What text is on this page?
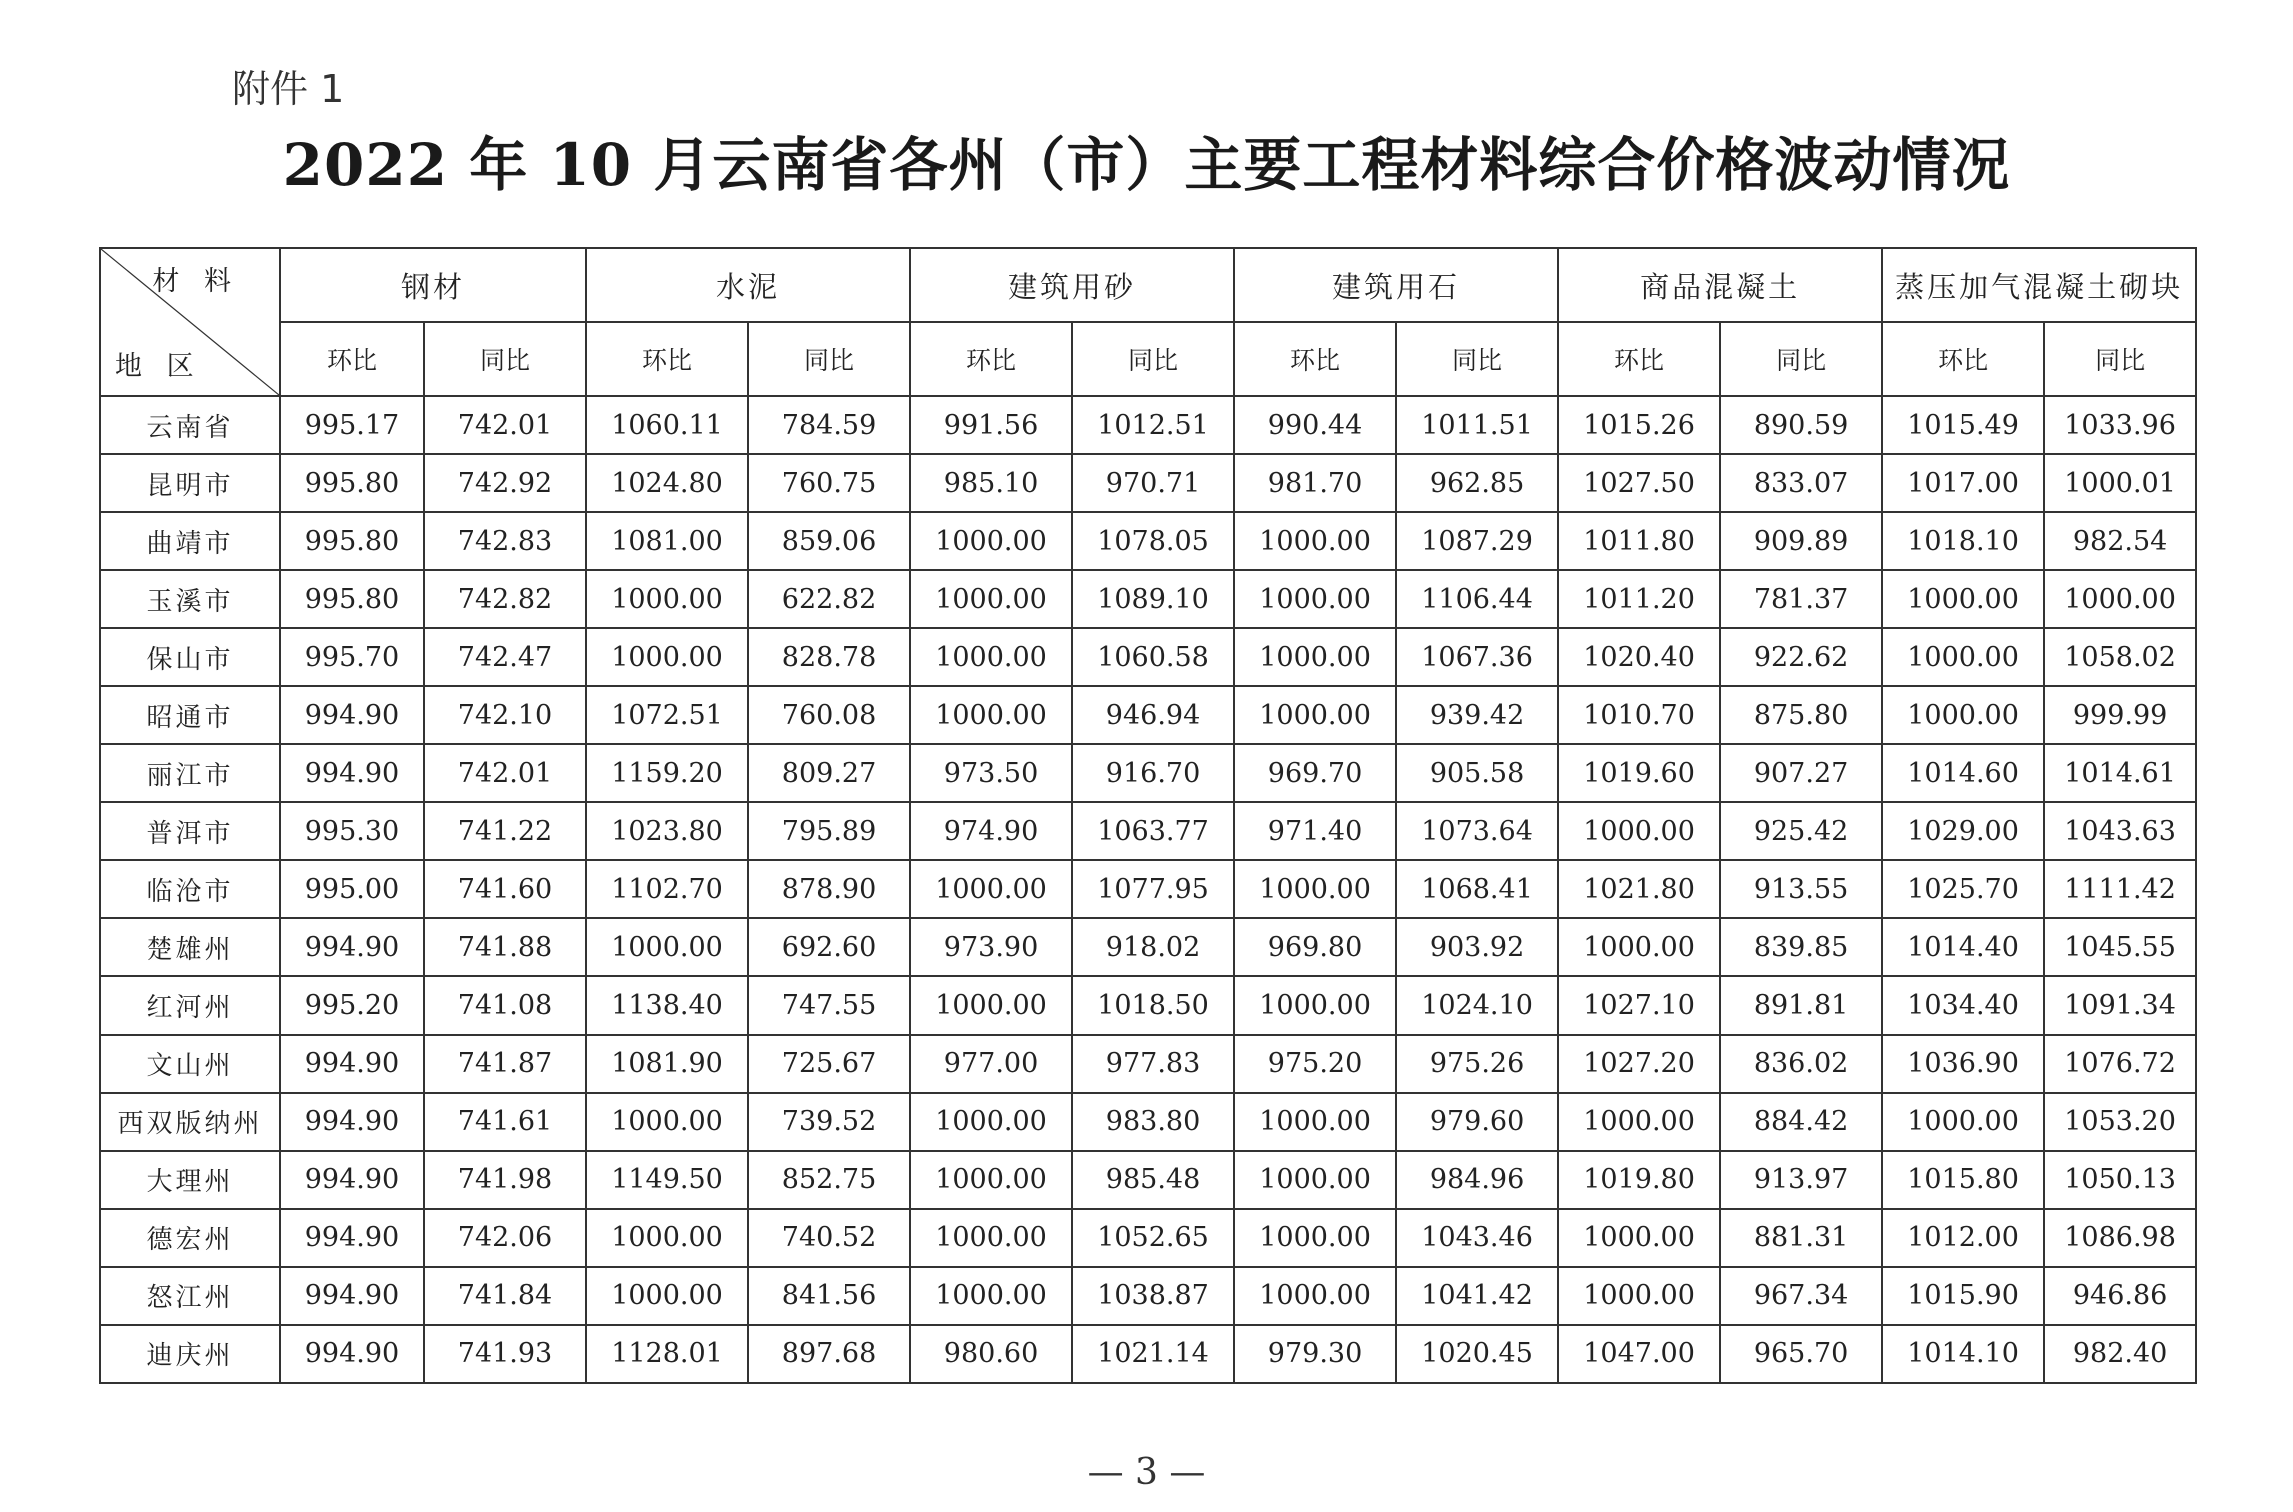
附件 1
2022 年 10 月云南省各州（市）主要工程材料综合价格波动情况
材 料
地 区	钢材		水泥		建筑用砂		建筑用石		商品混凝土		蒸压加气混凝土砌块	
	环比	同比	环比	同比	环比	同比	环比	同比	环比	同比	环比	同比
云南省	995.17	742.01	1060.11	784.59	991.56	1012.51	990.44	1011.51	1015.26	890.59	1015.49	1033.96
昆明市	995.80	742.92	1024.80	760.75	985.10	970.71	981.70	962.85	1027.50	833.07	1017.00	1000.01
曲靖市	995.80	742.83	1081.00	859.06	1000.00	1078.05	1000.00	1087.29	1011.80	909.89	1018.10	982.54
玉溪市	995.80	742.82	1000.00	622.82	1000.00	1089.10	1000.00	1106.44	1011.20	781.37	1000.00	1000.00
保山市	995.70	742.47	1000.00	828.78	1000.00	1060.58	1000.00	1067.36	1020.40	922.62	1000.00	1058.02
昭通市	994.90	742.10	1072.51	760.08	1000.00	946.94	1000.00	939.42	1010.70	875.80	1000.00	999.99
丽江市	994.90	742.01	1159.20	809.27	973.50	916.70	969.70	905.58	1019.60	907.27	1014.60	1014.61
普洱市	995.30	741.22	1023.80	795.89	974.90	1063.77	971.40	1073.64	1000.00	925.42	1029.00	1043.63
临沧市	995.00	741.60	1102.70	878.90	1000.00	1077.95	1000.00	1068.41	1021.80	913.55	1025.70	1111.42
楚雄州	994.90	741.88	1000.00	692.60	973.90	918.02	969.80	903.92	1000.00	839.85	1014.40	1045.55
红河州	995.20	741.08	1138.40	747.55	1000.00	1018.50	1000.00	1024.10	1027.10	891.81	1034.40	1091.34
文山州	994.90	741.87	1081.90	725.67	977.00	977.83	975.20	975.26	1027.20	836.02	1036.90	1076.72
西双版纳州	994.90	741.61	1000.00	739.52	1000.00	983.80	1000.00	979.60	1000.00	884.42	1000.00	1053.20
大理州	994.90	741.98	1149.50	852.75	1000.00	985.48	1000.00	984.96	1019.80	913.97	1015.80	1050.13
德宏州	994.90	742.06	1000.00	740.52	1000.00	1052.65	1000.00	1043.46	1000.00	881.31	1012.00	1086.98
怒江州	994.90	741.84	1000.00	841.56	1000.00	1038.87	1000.00	1041.42	1000.00	967.34	1015.90	946.86
迪庆州	994.90	741.93	1128.01	897.68	980.60	1021.14	979.30	1020.45	1047.00	965.70	1014.10	982.40
— 3 —
